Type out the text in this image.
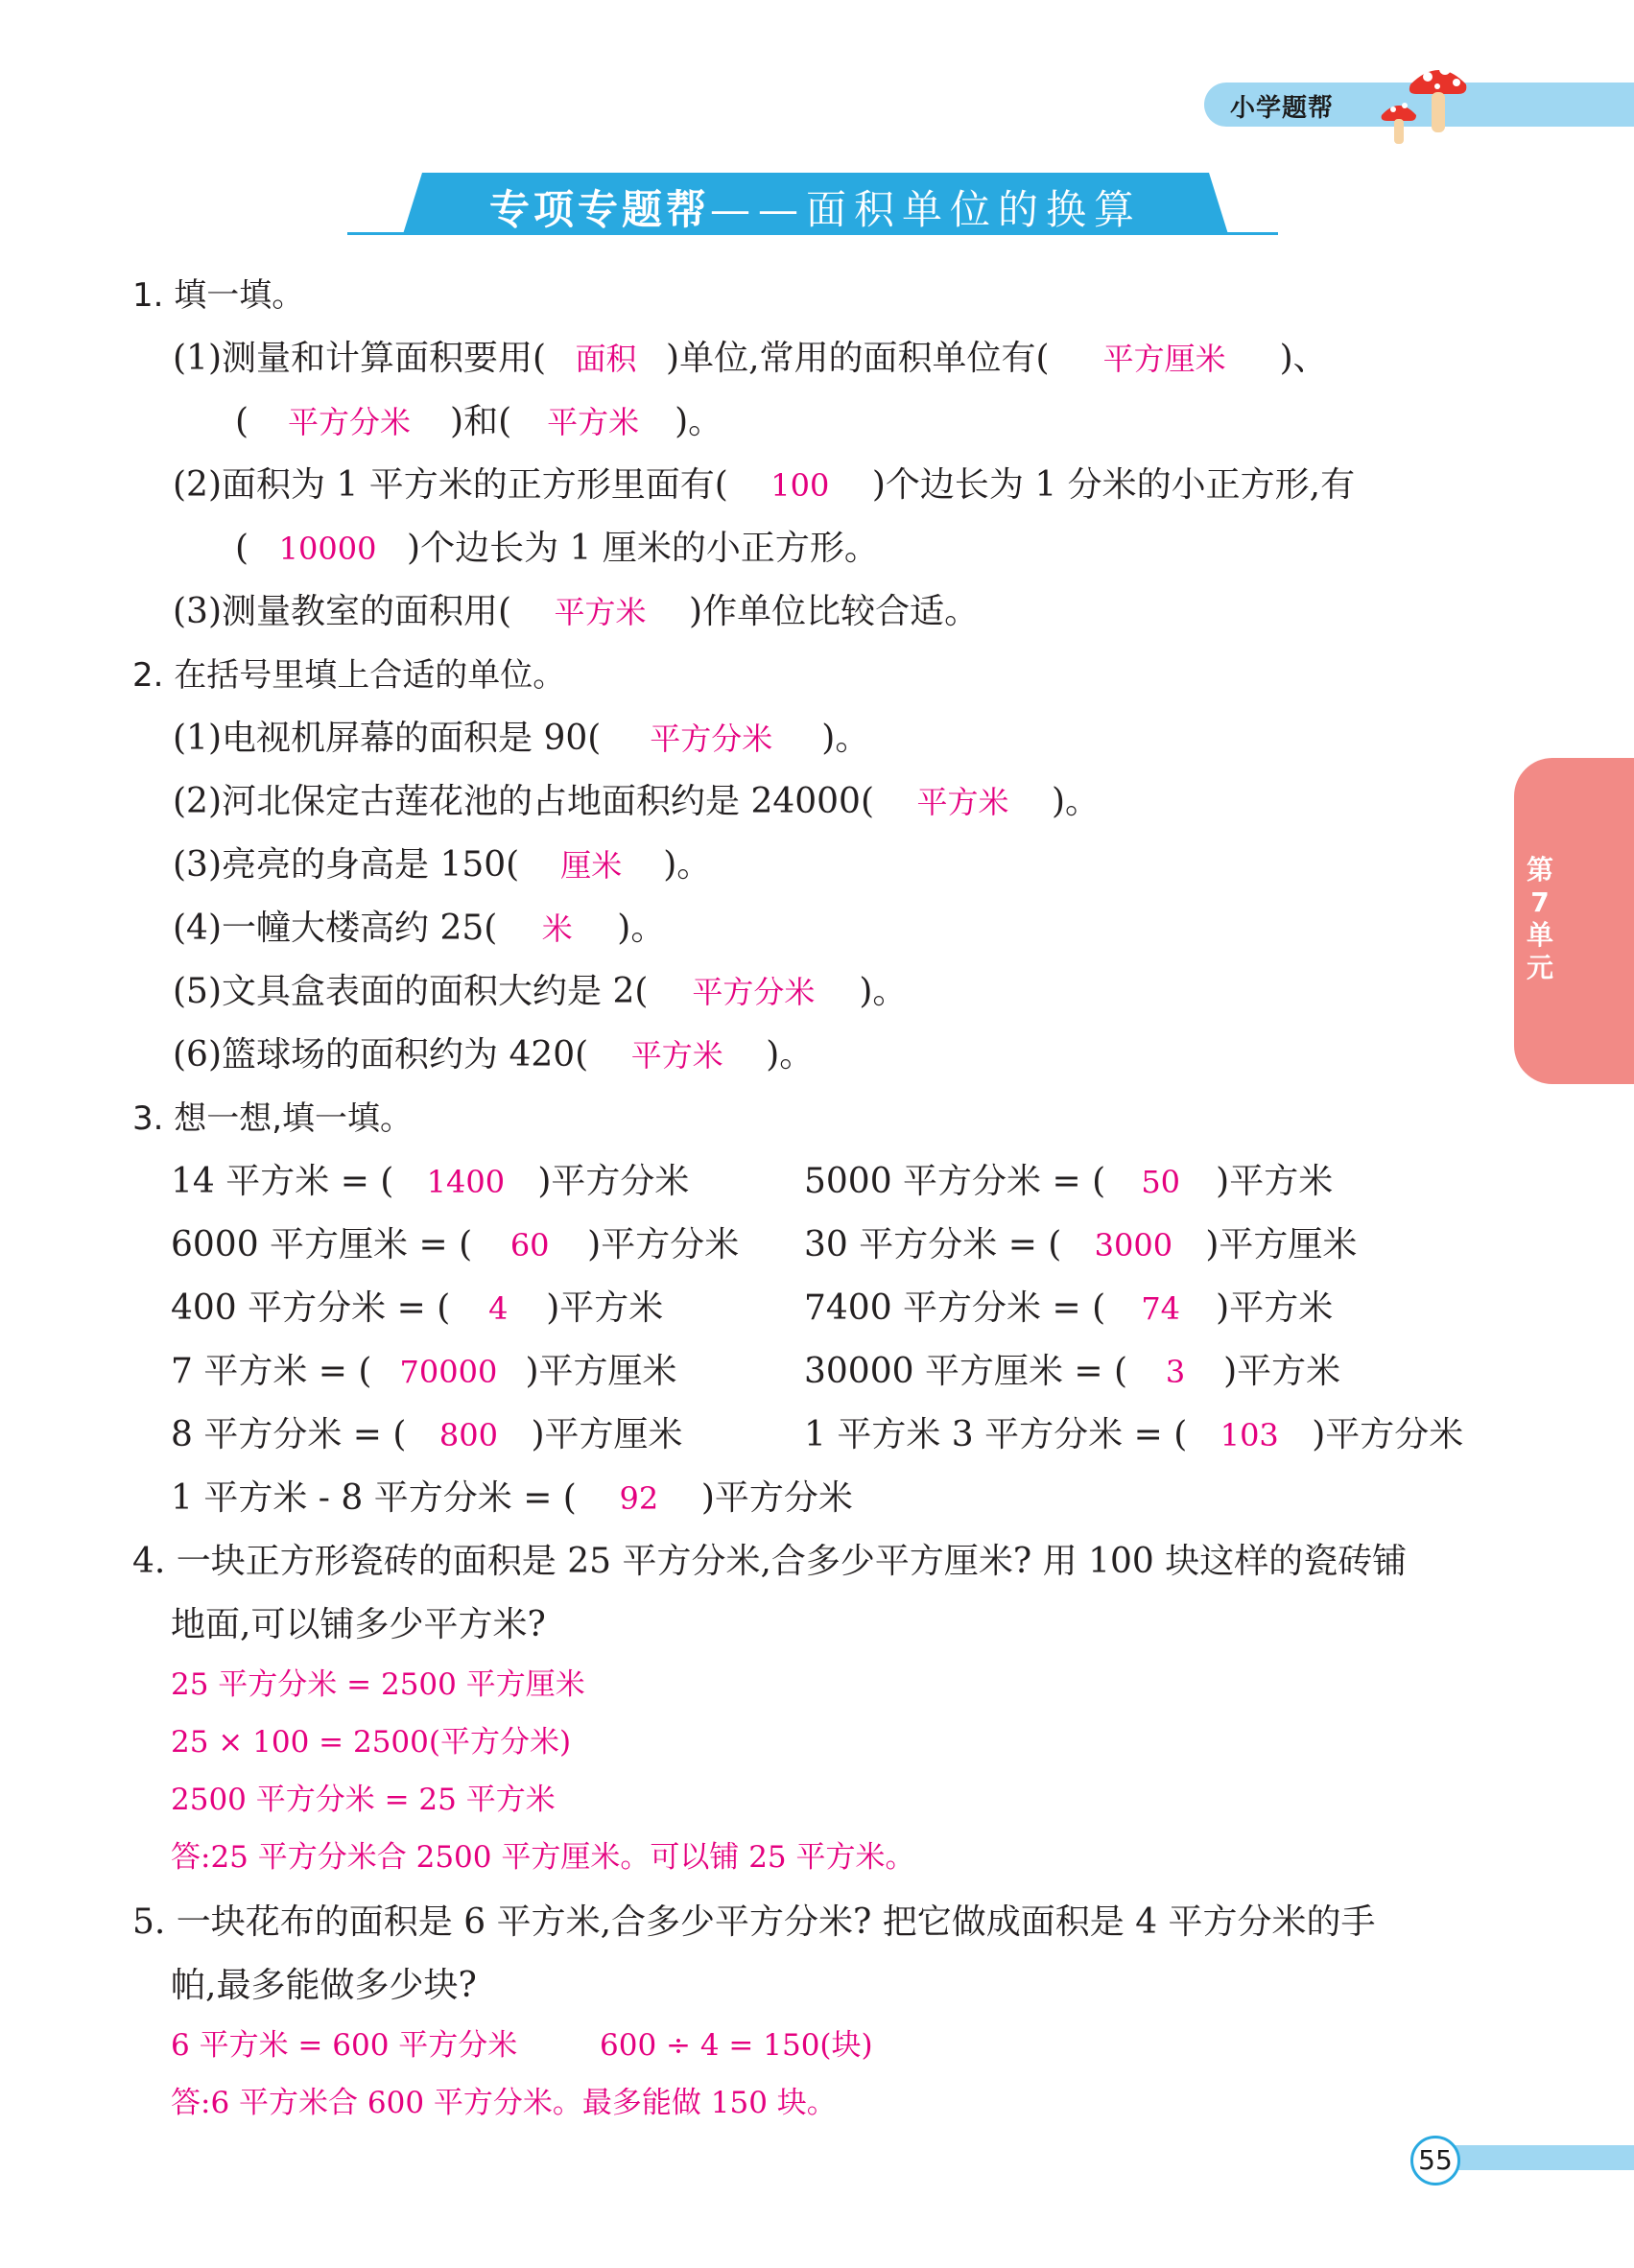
小学题帮
专项专题帮——面积单位的换算
第7单元
1. 填一填。
(1)测量和计算面积要用( 面积 )单位,常用的面积单位有( 平方厘米 )、
( 平方分米 )和( 平方米 )。
(2)面积为 1 平方米的正方形里面有( 100 )个边长为 1 分米的小正方形,有
( 10000 )个边长为 1 厘米的小正方形。
(3)测量教室的面积用( 平方米 )作单位比较合适。
2. 在括号里填上合适的单位。
(1)电视机屏幕的面积是 90( 平方分米 )。
(2)河北保定古莲花池的占地面积约是 24000( 平方米 )。
(3)亮亮的身高是 150( 厘米 )。
(4)一幢大楼高约 25( 米 )。
(5)文具盒表面的面积大约是 2( 平方分米 )。
(6)篮球场的面积约为 420( 平方米 )。
3. 想一想,填一填。
14 平方米 = ( 1400 )平方分米
6000 平方厘米 = ( 60 )平方分米
400 平方分米 = ( 4 )平方米
7 平方米 = ( 70000 )平方厘米
8 平方分米 = ( 800 )平方厘米
1 平方米 - 8 平方分米 = ( 92 )平方分米
5000 平方分米 = ( 50 )平方米
30 平方分米 = ( 3000 )平方厘米
7400 平方分米 = ( 74 )平方米
30000 平方厘米 = ( 3 )平方米
1 平方米 3 平方分米 = ( 103 )平方分米
4. 一块正方形瓷砖的面积是 25 平方分米,合多少平方厘米? 用 100 块这样的瓷砖铺
地面,可以铺多少平方米?
25 平方分米 = 2500 平方厘米
25 × 100 = 2500(平方分米)
2500 平方分米 = 25 平方米
答:25 平方分米合 2500 平方厘米。可以铺 25 平方米。
5. 一块花布的面积是 6 平方米,合多少平方分米? 把它做成面积是 4 平方分米的手
帕,最多能做多少块?
6 平方米 = 600 平方分米	600 ÷ 4 = 150(块)
答:6 平方米合 600 平方分米。最多能做 150 块。
55
